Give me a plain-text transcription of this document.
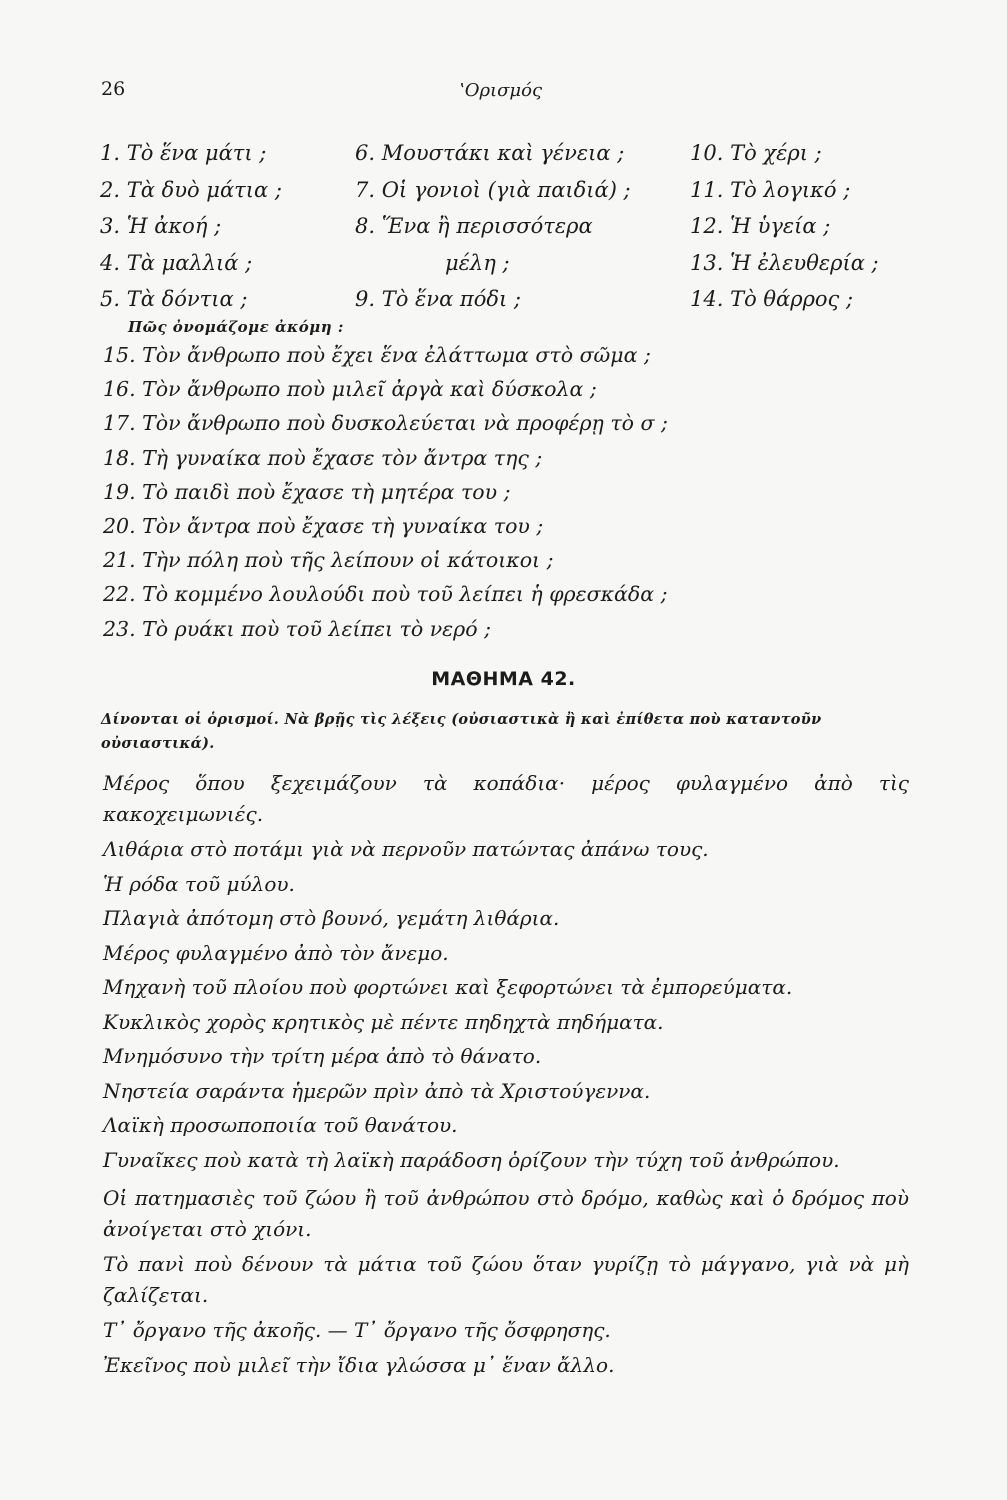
26	ʽΟρισμός
1. Τὸ ἕνα μάτι ;
2. Τὰ δυὸ μάτια ;
3. Ἡ ἀκοή ;
4. Τὰ μαλλιά ;
5. Τὰ δόντια ;
6. Μουστάκι καὶ γένεια ;
7. Οἱ γονιοὶ (γιὰ παιδιά) ;
8. Ἕνα ἢ περισσότερα
μέλη ;
9. Τὸ ἕνα πόδι ;
10. Τὸ χέρι ;
11. Τὸ λογικό ;
12. Ἡ ὑγεία ;
13. Ἡ ἐλευθερία ;
14. Τὸ θάρρος ;
Πῶς ὀνομάζομε ἀκόμη :
15. Τὸν ἄνθρωπο ποὺ ἔχει ἕνα ἐλάττωμα στὸ σῶμα ;
16. Τὸν ἄνθρωπο ποὺ μιλεῖ ἀργὰ καὶ δύσκολα ;
17. Τὸν ἄνθρωπο ποὺ δυσκολεύεται νὰ προφέρῃ τὸ σ ;
18. Τὴ γυναίκα ποὺ ἔχασε τὸν ἄντρα της ;
19. Τὸ παιδὶ ποὺ ἔχασε τὴ μητέρα του ;
20. Τὸν ἄντρα ποὺ ἔχασε τὴ γυναίκα του ;
21. Τὴν πόλη ποὺ τῆς λείπουν οἱ κάτοικοι ;
22. Τὸ κομμένο λουλούδι ποὺ τοῦ λείπει ἡ φρεσκάδα ;
23. Τὸ ρυάκι ποὺ τοῦ λείπει τὸ νερό ;
ΜΑΘΗΜΑ 42.
Δίνονται οἱ ὁρισμοί. Νὰ βρῇς τὶς λέξεις (οὐσιαστικὰ ἢ καὶ ἐπίθετα ποὺ καταντοῦν οὐσιαστικά).
Μέρος ὅπου ξεχειμάζουν τὰ κοπάδια· μέρος φυλαγμένο ἀπὸ τὶς κακοχειμωνιές.
Λιθάρια στὸ ποτάμι γιὰ νὰ περνοῦν πατώντας ἀπάνω τους.
Ἡ ρόδα τοῦ μύλου.
Πλαγιὰ ἀπότομη στὸ βουνό, γεμάτη λιθάρια.
Μέρος φυλαγμένο ἀπὸ τὸν ἄνεμο.
Μηχανὴ τοῦ πλοίου ποὺ φορτώνει καὶ ξεφορτώνει τὰ ἐμπορεύματα.
Κυκλικὸς χορὸς κρητικὸς μὲ πέντε πηδηχτὰ πηδήματα.
Μνημόσυνο τὴν τρίτη μέρα ἀπὸ τὸ θάνατο.
Νηστεία σαράντα ἡμερῶν πρὶν ἀπὸ τὰ Χριστούγεννα.
Λαϊκὴ προσωποποιία τοῦ θανάτου.
Γυναῖκες ποὺ κατὰ τὴ λαϊκὴ παράδοση ὁρίζουν τὴν τύχη τοῦ ἀνθρώπου.
Οἱ πατημασιὲς τοῦ ζώου ἢ τοῦ ἀνθρώπου στὸ δρόμο, καθὼς καὶ ὁ δρόμος ποὺ ἀνοίγεται στὸ χιόνι.
Τὸ πανὶ ποὺ δένουν τὰ μάτια τοῦ ζώου ὅταν γυρίζῃ τὸ μάγγανο, γιὰ νὰ μὴ ζαλίζεται.
Τ᾽ ὄργανο τῆς ἀκοῆς. — Τ᾽ ὄργανο τῆς ὄσφρησης.
Ἐκεῖνος ποὺ μιλεῖ τὴν ἴδια γλώσσα μ᾽ ἕναν ἄλλο.
